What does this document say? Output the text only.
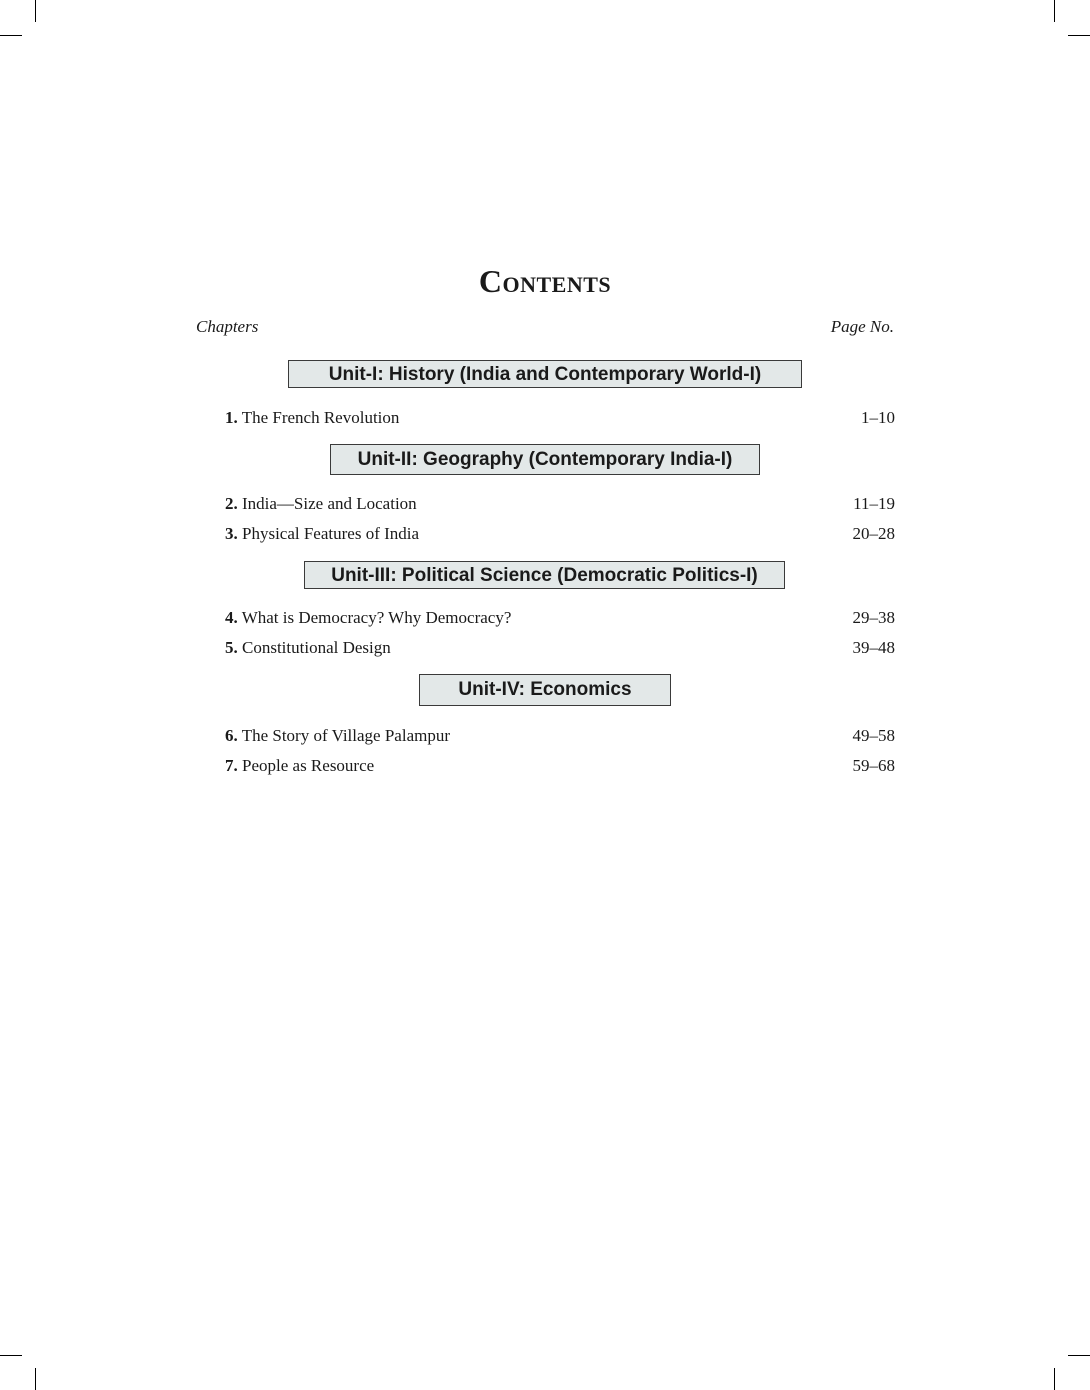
Contents
Chapters	Page No.
Unit-I: History (India and Contemporary World-I)
1. The French Revolution	1–10
Unit-II: Geography (Contemporary India-I)
2. India—Size and Location	11–19
3. Physical Features of India	20–28
Unit-III: Political Science (Democratic Politics-I)
4. What is Democracy? Why Democracy?	29–38
5. Constitutional Design	39–48
Unit-IV: Economics
6. The Story of Village Palampur	49–58
7. People as Resource	59–68
